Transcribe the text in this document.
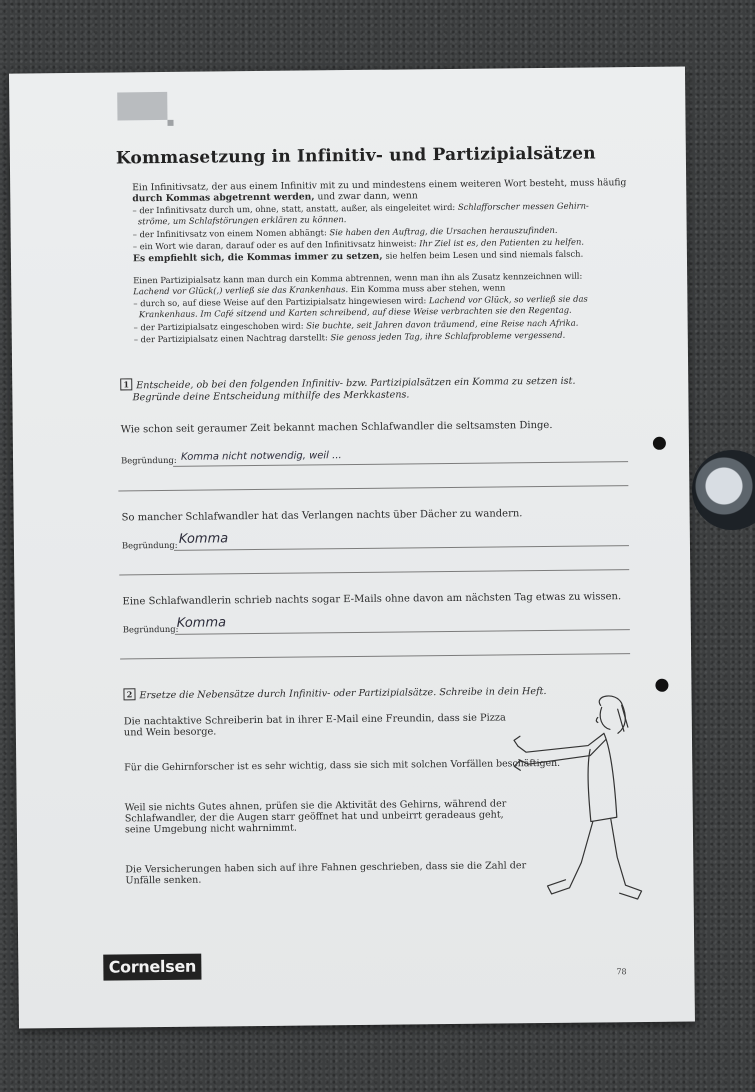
Kommasetzung in Infinitiv- und Partizipialsätzen
Ein Infinitivsatz, der aus einem Infinitiv mit zu und mindestens einem weiteren Wort besteht, muss häufig
durch Kommas abgetrennt werden, und zwar dann, wenn
– der Infinitivsatz durch um, ohne, statt, anstatt, außer, als eingeleitet wird: Schlafforscher messen Gehirn-
ströme, um Schlafstörungen erklären zu können.
– der Infinitivsatz von einem Nomen abhängt: Sie haben den Auftrag, die Ursachen herauszufinden.
– ein Wort wie daran, darauf oder es auf den Infinitivsatz hinweist: Ihr Ziel ist es, den Patienten zu helfen.
Es empfiehlt sich, die Kommas immer zu setzen, sie helfen beim Lesen und sind niemals falsch.
Einen Partizipialsatz kann man durch ein Komma abtrennen, wenn man ihn als Zusatz kennzeichnen will:
Lachend vor Glück(,) verließ sie das Krankenhaus. Ein Komma muss aber stehen, wenn
– durch so, auf diese Weise auf den Partizipialsatz hingewiesen wird: Lachend vor Glück, so verließ sie das
Krankenhaus. Im Café sitzend und Karten schreibend, auf diese Weise verbrachten sie den Regentag.
– der Partizipialsatz eingeschoben wird: Sie buchte, seit Jahren davon träumend, eine Reise nach Afrika.
– der Partizipialsatz einen Nachtrag darstellt: Sie genoss jeden Tag, ihre Schlafprobleme vergessend.
1 Entscheide, ob bei den folgenden Infinitiv- bzw. Partizipialsätzen ein Komma zu setzen ist.
Begründe deine Entscheidung mithilfe des Merkkastens.
Wie schon seit geraumer Zeit bekannt machen Schlafwandler die seltsamsten Dinge.
Begründung: Komma nicht notwendig, weil ...
So mancher Schlafwandler hat das Verlangen nachts über Dächer zu wandern.
Begründung: Komma
Eine Schlafwandlerin schrieb nachts sogar E-Mails ohne davon am nächsten Tag etwas zu wissen.
Begründung:
Komma
2 Ersetze die Nebensätze durch Infinitiv- oder Partizipialsätze. Schreibe in dein Heft.
Die nachtaktive Schreiberin bat in ihrer E-Mail eine Freundin, dass sie Pizza
und Wein besorge.
Für die Gehirnforscher ist es sehr wichtig, dass sie sich mit solchen Vorfällen beschäftigen.
Weil sie nichts Gutes ahnen, prüfen sie die Aktivität des Gehirns, während der
Schlafwandler, der die Augen starr geöffnet hat und unbeirrt geradeaus geht,
seine Umgebung nicht wahrnimmt.
Die Versicherungen haben sich auf ihre Fahnen geschrieben, dass sie die Zahl der
Unfälle senken.
Cornelsen	78
